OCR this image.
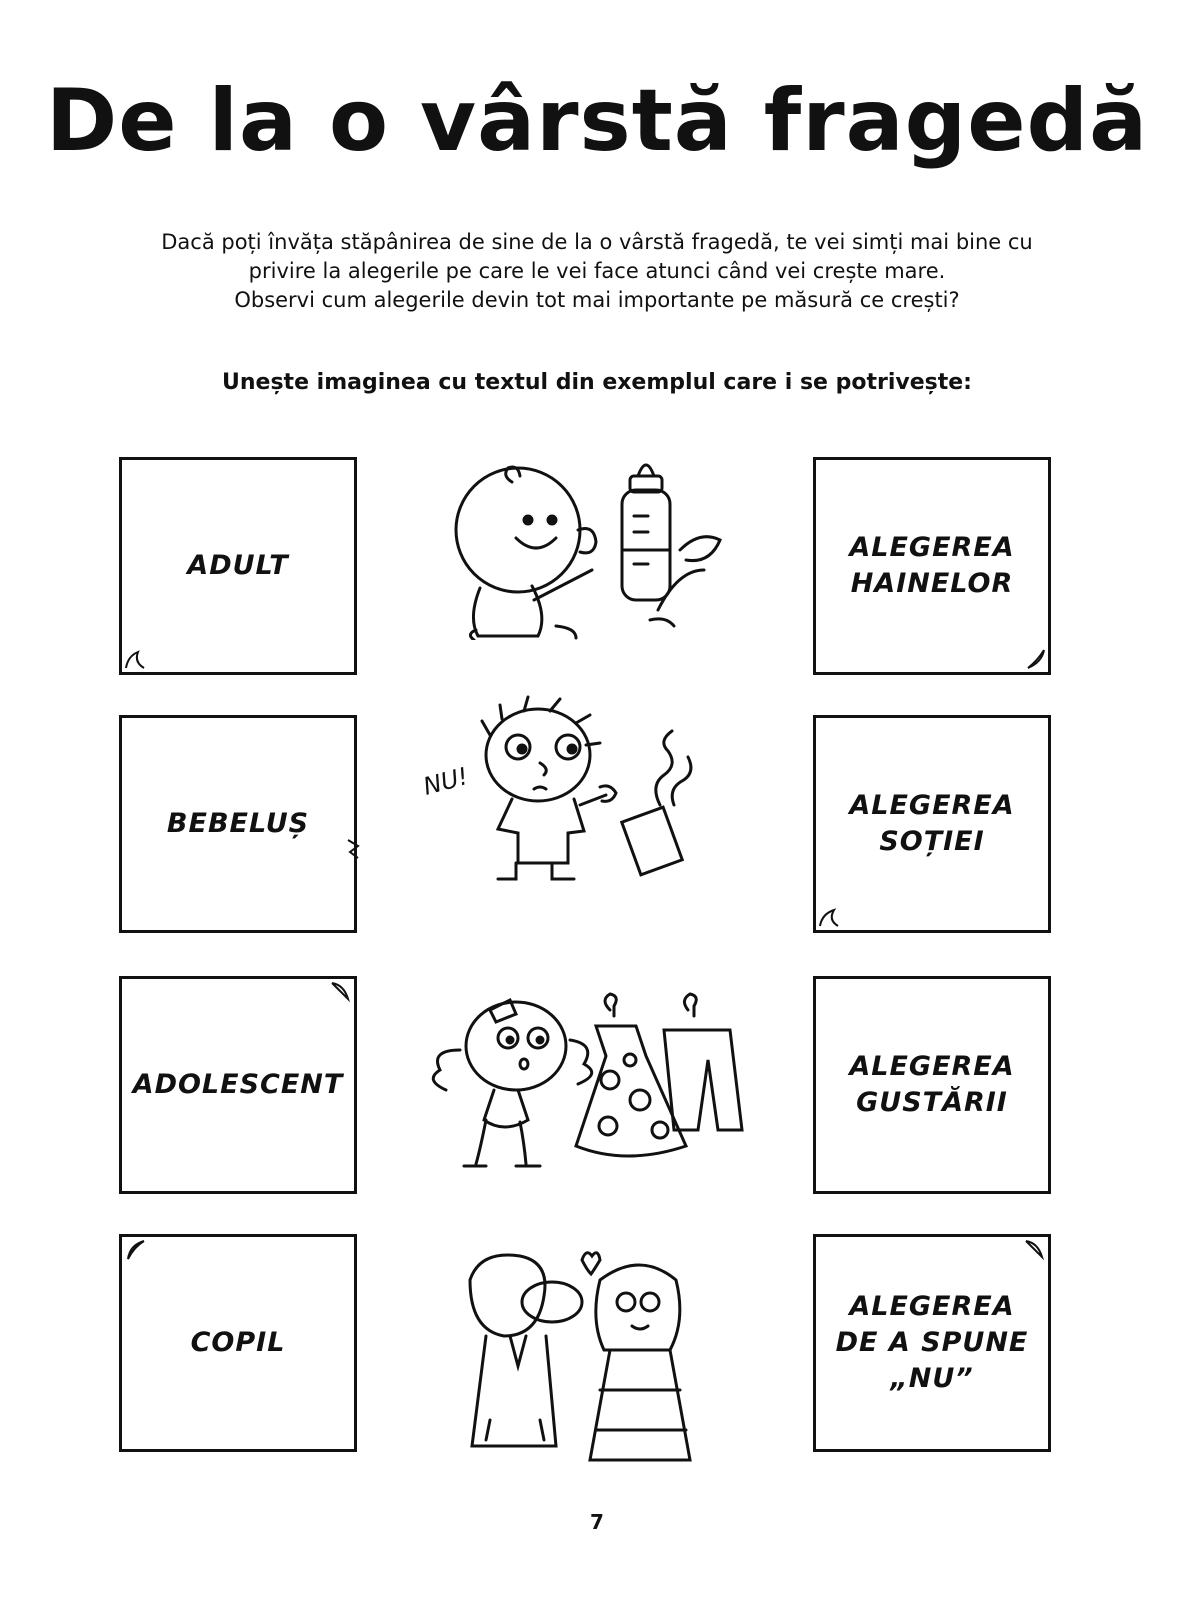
De la o vârstă fragedă
Dacă poți învăța stăpânirea de sine de la o vârstă fragedă, te vei simți mai bine cu
privire la alegerile pe care le vei face atunci când vei crește mare.
Observi cum alegerile devin tot mai importante pe măsură ce crești?
Unește imaginea cu textul din exemplul care i se potrivește:
ADULT
BEBELUȘ
ADOLESCENT
COPIL
ALEGEREA
HAINELOR
ALEGEREA
SOȚIEI
ALEGEREA
GUSTĂRII
ALEGEREA
DE A SPUNE
„NU”
NU!
7
